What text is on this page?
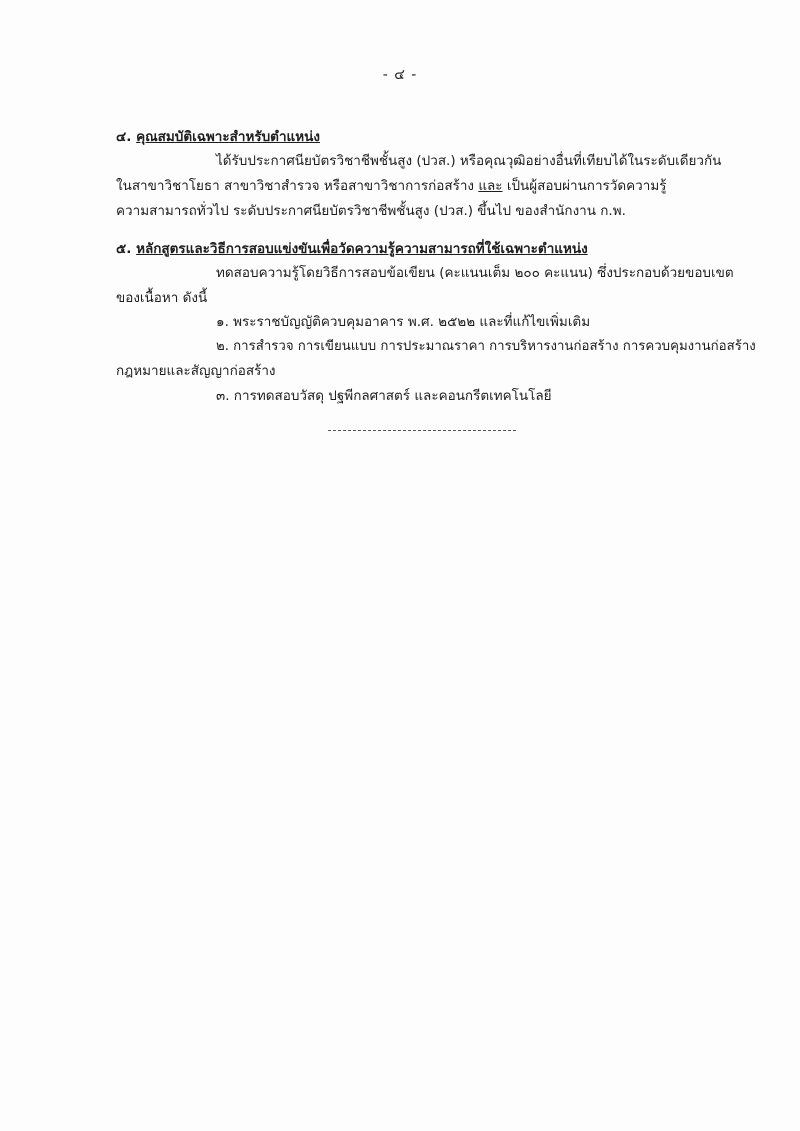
- ๔ -
๔. คุณสมบัติเฉพาะสำหรับตำแหน่ง
ได้รับประกาศนียบัตรวิชาชีพชั้นสูง (ปวส.) หรือคุณวุฒิอย่างอื่นที่เทียบได้ในระดับเดียวกัน
ในสาขาวิชาโยธา สาขาวิชาสำรวจ หรือสาขาวิชาการก่อสร้าง และ เป็นผู้สอบผ่านการวัดความรู้
ความสามารถทั่วไป ระดับประกาศนียบัตรวิชาชีพชั้นสูง (ปวส.) ขึ้นไป ของสำนักงาน ก.พ.
๕. หลักสูตรและวิธีการสอบแข่งขันเพื่อวัดความรู้ความสามารถที่ใช้เฉพาะตำแหน่ง
ทดสอบความรู้โดยวิธีการสอบข้อเขียน (คะแนนเต็ม ๒๐๐ คะแนน) ซึ่งประกอบด้วยขอบเขต
ของเนื้อหา ดังนี้
๑. พระราชบัญญัติควบคุมอาคาร พ.ศ. ๒๕๒๒ และที่แก้ไขเพิ่มเติม
๒. การสำรวจ การเขียนแบบ การประมาณราคา การบริหารงานก่อสร้าง การควบคุมงานก่อสร้าง
กฎหมายและสัญญาก่อสร้าง
๓. การทดสอบวัสดุ ปฐพีกลศาสตร์ และคอนกรีตเทคโนโลยี
